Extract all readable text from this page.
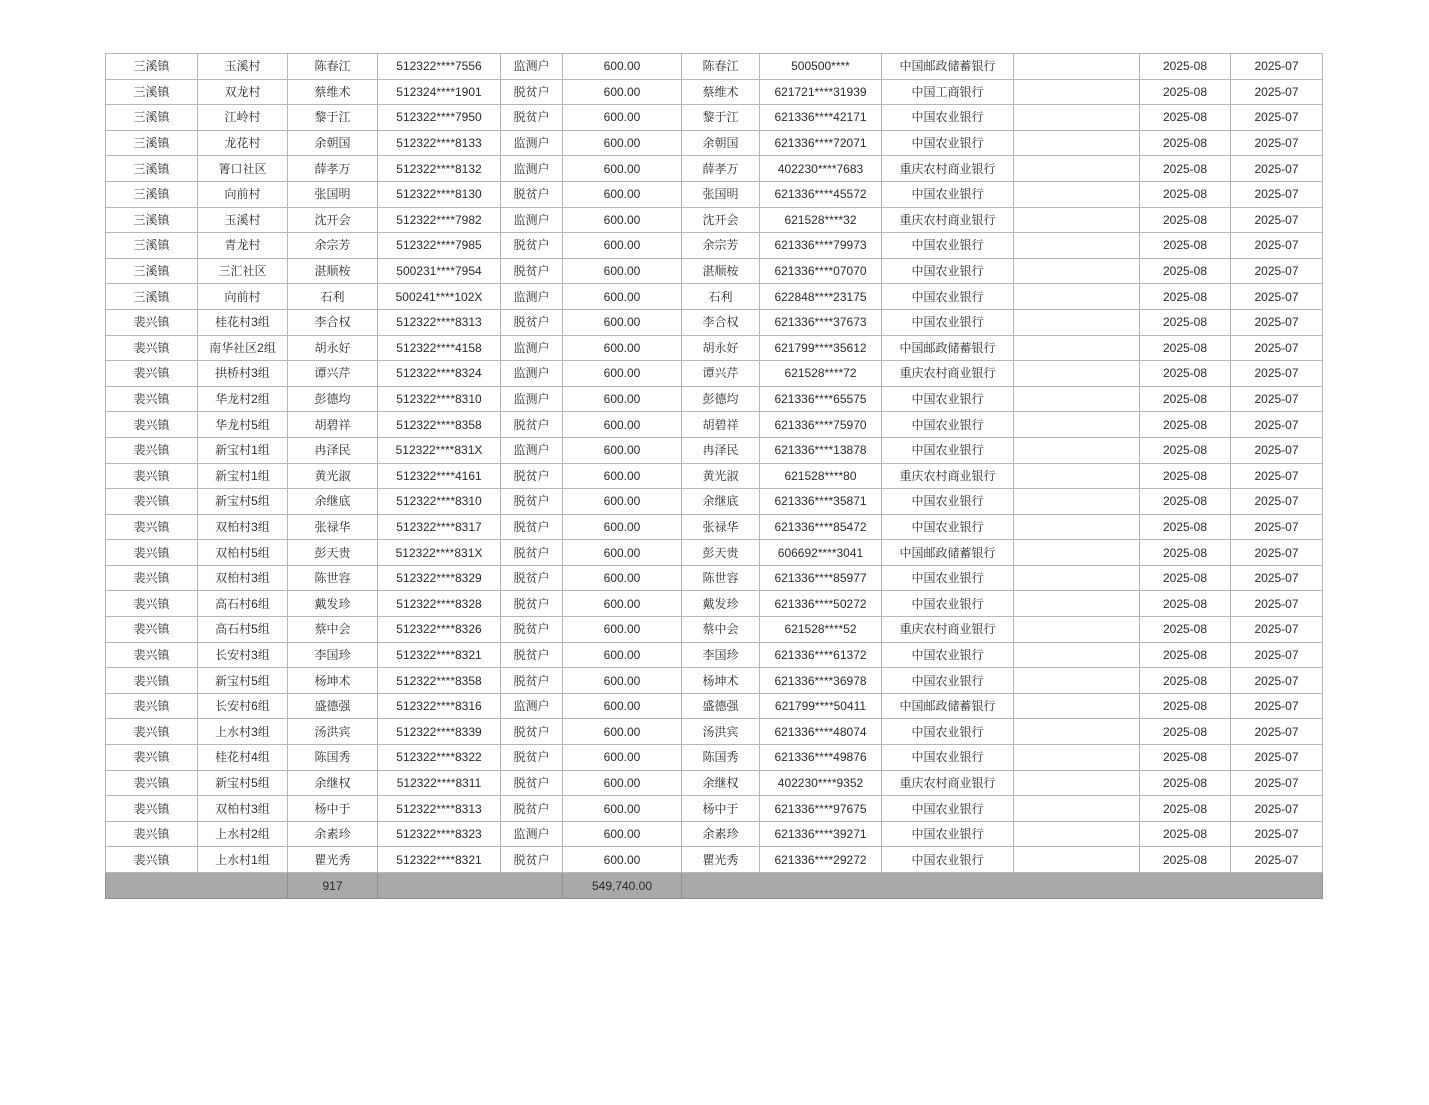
三溪镇	玉溪村	陈春江	512322****7556	监测户	600.00	陈春江	500500****	中国邮政储蓄银行		2025-08	2025-07
三溪镇	双龙村	蔡维术	512324****1901	脱贫户	600.00	蔡维术	621721****31939	中国工商银行		2025-08	2025-07
三溪镇	江岭村	黎于江	512322****7950	脱贫户	600.00	黎于江	621336****42171	中国农业银行		2025-08	2025-07
三溪镇	龙花村	余朝国	512322****8133	监测户	600.00	余朝国	621336****72071	中国农业银行		2025-08	2025-07
三溪镇	箐口社区	薛孝万	512322****8132	监测户	600.00	薛孝万	402230****7683	重庆农村商业银行		2025-08	2025-07
三溪镇	向前村	张国明	512322****8130	脱贫户	600.00	张国明	621336****45572	中国农业银行		2025-08	2025-07
三溪镇	玉溪村	沈开会	512322****7982	监测户	600.00	沈开会	621528****32	重庆农村商业银行		2025-08	2025-07
三溪镇	青龙村	余宗芳	512322****7985	脱贫户	600.00	余宗芳	621336****79973	中国农业银行		2025-08	2025-07
三溪镇	三汇社区	湛顺桉	500231****7954	脱贫户	600.00	湛顺桉	621336****07070	中国农业银行		2025-08	2025-07
三溪镇	向前村	石利	500241****102X	监测户	600.00	石利	622848****23175	中国农业银行		2025-08	2025-07
裴兴镇	桂花村3组	李合权	512322****8313	脱贫户	600.00	李合权	621336****37673	中国农业银行		2025-08	2025-07
裴兴镇	南华社区2组	胡永好	512322****4158	监测户	600.00	胡永好	621799****35612	中国邮政储蓄银行		2025-08	2025-07
裴兴镇	拱桥村3组	谭兴芹	512322****8324	监测户	600.00	谭兴芹	621528****72	重庆农村商业银行		2025-08	2025-07
裴兴镇	华龙村2组	彭德均	512322****8310	监测户	600.00	彭德均	621336****65575	中国农业银行		2025-08	2025-07
裴兴镇	华龙村5组	胡碧祥	512322****8358	脱贫户	600.00	胡碧祥	621336****75970	中国农业银行		2025-08	2025-07
裴兴镇	新宝村1组	冉泽民	512322****831X	监测户	600.00	冉泽民	621336****13878	中国农业银行		2025-08	2025-07
裴兴镇	新宝村1组	黄光淑	512322****4161	脱贫户	600.00	黄光淑	621528****80	重庆农村商业银行		2025-08	2025-07
裴兴镇	新宝村5组	余继底	512322****8310	脱贫户	600.00	余继底	621336****35871	中国农业银行		2025-08	2025-07
裴兴镇	双柏村3组	张禄华	512322****8317	脱贫户	600.00	张禄华	621336****85472	中国农业银行		2025-08	2025-07
裴兴镇	双柏村5组	彭天贵	512322****831X	脱贫户	600.00	彭天贵	606692****3041	中国邮政储蓄银行		2025-08	2025-07
裴兴镇	双柏村3组	陈世容	512322****8329	脱贫户	600.00	陈世容	621336****85977	中国农业银行		2025-08	2025-07
裴兴镇	高石村6组	戴发珍	512322****8328	脱贫户	600.00	戴发珍	621336****50272	中国农业银行		2025-08	2025-07
裴兴镇	高石村5组	蔡中会	512322****8326	脱贫户	600.00	蔡中会	621528****52	重庆农村商业银行		2025-08	2025-07
裴兴镇	长安村3组	李国珍	512322****8321	脱贫户	600.00	李国珍	621336****61372	中国农业银行		2025-08	2025-07
裴兴镇	新宝村5组	杨坤术	512322****8358	脱贫户	600.00	杨坤术	621336****36978	中国农业银行		2025-08	2025-07
裴兴镇	长安村6组	盛德强	512322****8316	监测户	600.00	盛德强	621799****50411	中国邮政储蓄银行		2025-08	2025-07
裴兴镇	上水村3组	汤洪宾	512322****8339	脱贫户	600.00	汤洪宾	621336****48074	中国农业银行		2025-08	2025-07
裴兴镇	桂花村4组	陈国秀	512322****8322	脱贫户	600.00	陈国秀	621336****49876	中国农业银行		2025-08	2025-07
裴兴镇	新宝村5组	余继权	512322****8311	脱贫户	600.00	余继权	402230****9352	重庆农村商业银行		2025-08	2025-07
裴兴镇	双柏村3组	杨中于	512322****8313	脱贫户	600.00	杨中于	621336****97675	中国农业银行		2025-08	2025-07
裴兴镇	上水村2组	余素珍	512322****8323	监测户	600.00	余素珍	621336****39271	中国农业银行		2025-08	2025-07
裴兴镇	上水村1组	瞿光秀	512322****8321	脱贫户	600.00	瞿光秀	621336****29272	中国农业银行		2025-08	2025-07
		917			549,740.00						
